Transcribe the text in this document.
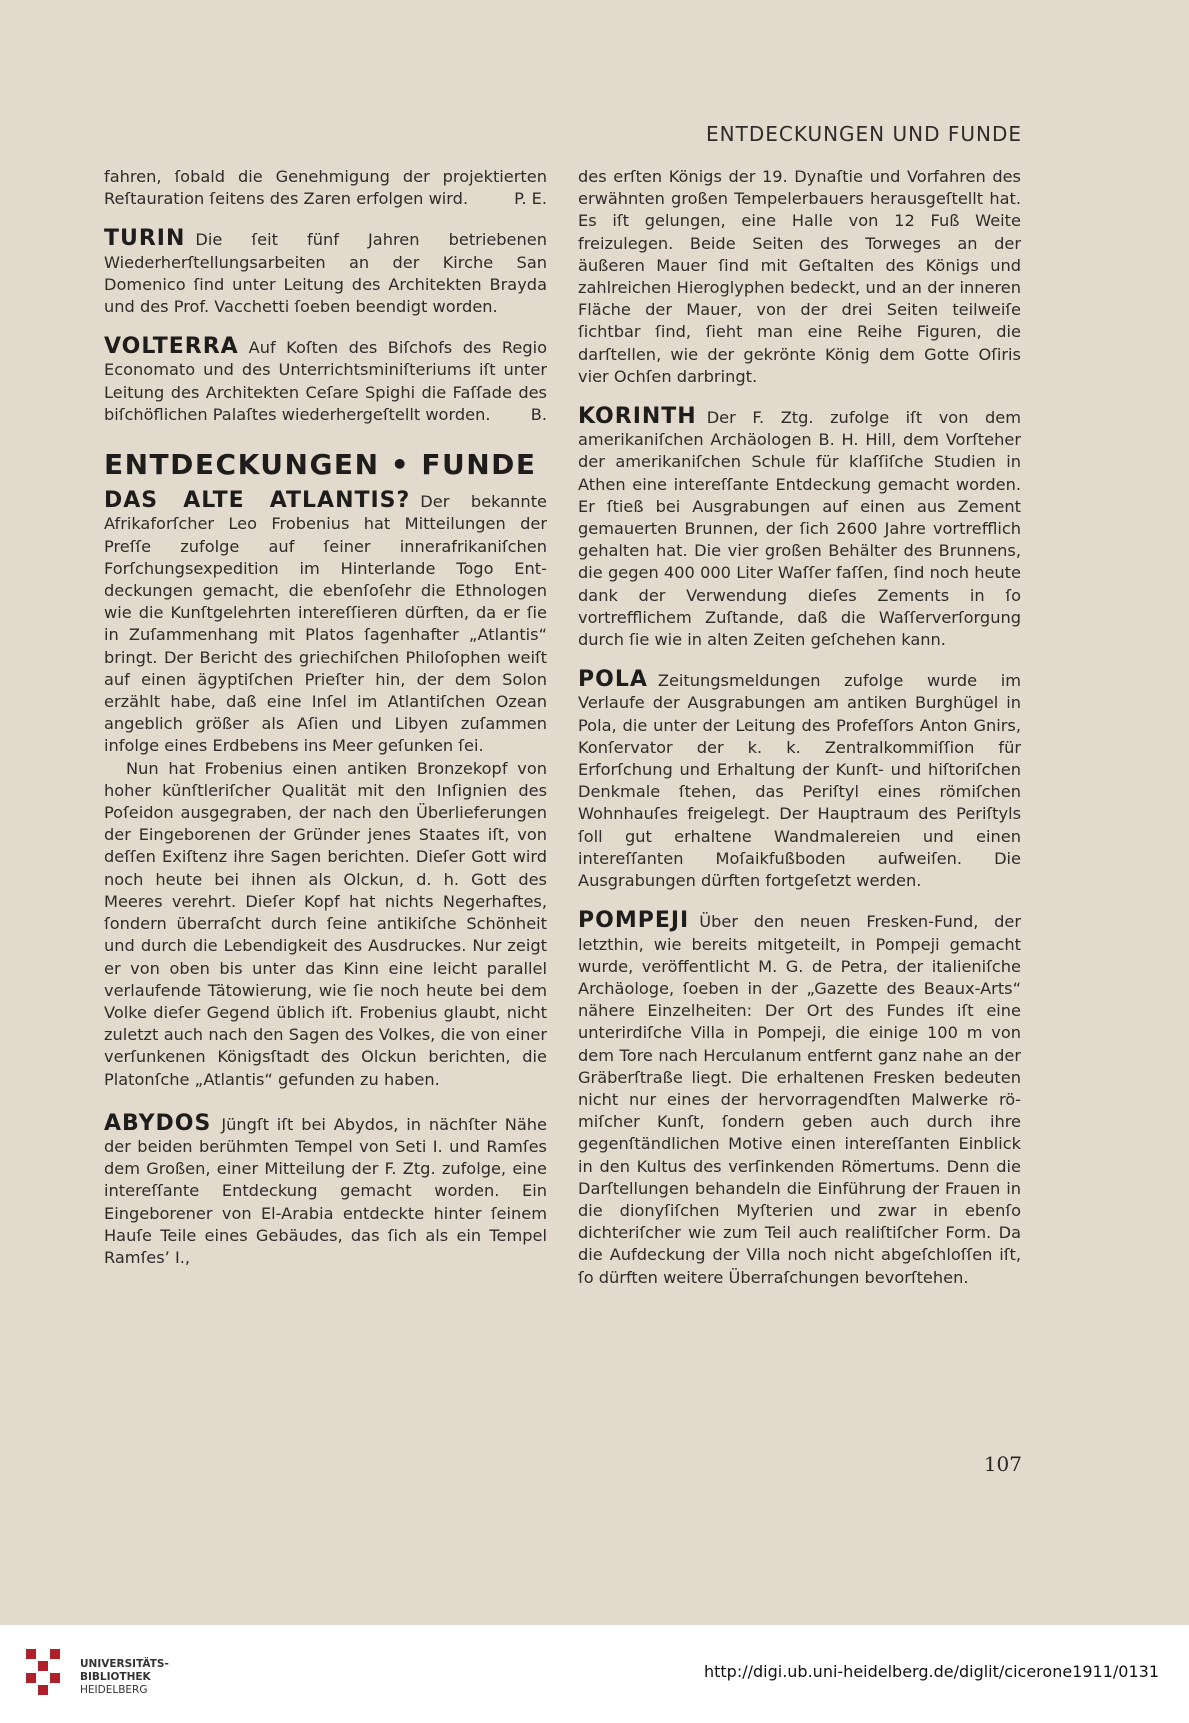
ENTDECKUNGEN UND FUNDE

fahren, ſobald die Genehmigung der projektierten Reſtauration ſeitens des Zaren erfolgen wird.	P. E.

TURIN Die ſeit fünf Jahren betriebenen Wiederherſtellungsarbeiten an der Kirche San Domenico ſind unter Leitung des Architekten Brayda und des Prof. Vacchetti ſoeben beendigt worden.

VOLTERRA Auf Koſten des Biſchofs des Regio Economato und des Unterrichtsminiſteriums iſt unter Leitung des Architekten Ceſare Spighi die Faſſade des biſchöflichen Palaſtes wiederhergeſtellt worden. B.

ENTDECKUNGEN • FUNDE

DAS ALTE ATLANTIS? Der bekannte Afrikaforſcher Leo Frobenius hat Mitteilungen der Preſſe zufolge auf ſeiner innerafrikaniſchen Forſchungsexpedition im Hinterlande Togo Entdeckungen gemacht, die ebenſoſehr die Ethnologen wie die Kunſtgelehrten intereſſieren dürften, da er ſie in Zuſammenhang mit Platos ſagenhafter „Atlantis“ bringt. Der Bericht des griechiſchen Philoſophen weiſt auf einen ägyptiſchen Prieſter hin, der dem Solon erzählt habe, daß eine Inſel im Atlantiſchen Ozean angeblich größer als Aſien und Libyen zuſammen infolge eines Erdbebens ins Meer geſunken ſei.

Nun hat Frobenius einen antiken Bronzekopf von hoher künſtleriſcher Qualität mit den Inſignien des Poſeidon ausgegraben, der nach den Überlieferungen der Eingeborenen der Gründer jenes Staates iſt, von deſſen Exiſtenz ihre Sagen berichten. Dieſer Gott wird noch heute bei ihnen als Olckun, d. h. Gott des Meeres verehrt. Dieſer Kopf hat nichts Negerhaftes, ſondern überraſcht durch ſeine antikiſche Schönheit und durch die Lebendigkeit des Ausdruckes. Nur zeigt er von oben bis unter das Kinn eine leicht parallel verlaufende Tätowierung, wie ſie noch heute bei dem Volke dieſer Gegend üblich iſt. Frobenius glaubt, nicht zuletzt auch nach den Sagen des Volkes, die von einer verſunkenen Königsſtadt des Olckun berichten, die Platonſche „Atlantis“ gefunden zu haben.

ABYDOS Jüngſt iſt bei Abydos, in nächſter Nähe der beiden berühmten Tempel von Seti I. und Ramſes dem Großen, einer Mitteilung der F. Ztg. zufolge, eine intereſſante Entdeckung gemacht worden. Ein Eingeborener von El-Arabia entdeckte hinter ſeinem Hauſe Teile eines Gebäudes, das ſich als ein Tempel Ramſes’ I.,

des erſten Königs der 19. Dynaſtie und Vorfahren des erwähnten großen Tempelerbauers herausgeſtellt hat. Es iſt gelungen, eine Halle von 12 Fuß Weite freizulegen. Beide Seiten des Torweges an der äußeren Mauer ſind mit Geſtalten des Königs und zahlreichen Hieroglyphen bedeckt, und an der inneren Fläche der Mauer, von der drei Seiten teilweiſe ſichtbar ſind, ſieht man eine Reihe Figuren, die darſtellen, wie der gekrönte König dem Gotte Oſiris vier Ochſen darbringt.

KORINTH Der F. Ztg. zufolge iſt von dem amerikaniſchen Archäologen B. H. Hill, dem Vorſteher der amerikaniſchen Schule für klaſſiſche Studien in Athen eine intereſſante Entdeckung gemacht worden. Er ſtieß bei Ausgrabungen auf einen aus Zement gemauerten Brunnen, der ſich 2600 Jahre vortrefflich gehalten hat. Die vier großen Behälter des Brunnens, die gegen 400 000 Liter Waſſer faſſen, ſind noch heute dank der Verwendung dieſes Zements in ſo vortrefflichem Zuſtande, daß die Waſſerverſorgung durch ſie wie in alten Zeiten geſchehen kann.

POLA Zeitungsmeldungen zufolge wurde im Verlaufe der Ausgrabungen am antiken Burghügel in Pola, die unter der Leitung des Profeſſors Anton Gnirs, Konſervator der k. k. Zentralkommiſſion für Erforſchung und Erhaltung der Kunſt- und hiſtoriſchen Denkmale ſtehen, das Periſtyl eines römiſchen Wohnhauſes freigelegt. Der Hauptraum des Periſtyls ſoll gut erhaltene Wandmalereien und einen intereſſanten Moſaikfußboden aufweiſen. Die Ausgrabungen dürften fortgeſetzt werden.

POMPEJI Über den neuen Fresken-Fund, der letzthin, wie bereits mitgeteilt, in Pompeji gemacht wurde, veröffentlicht M. G. de Petra, der italieniſche Archäologe, ſoeben in der „Gazette des Beaux-Arts“ nähere Einzelheiten: Der Ort des Fundes iſt eine unterirdiſche Villa in Pompeji, die einige 100 m von dem Tore nach Herculanum entfernt ganz nahe an der Gräberſtraße liegt. Die erhaltenen Fresken bedeuten nicht nur eines der hervorragendſten Malwerke römiſcher Kunſt, ſondern geben auch durch ihre gegenſtändlichen Motive einen intereſſanten Einblick in den Kultus des verſinkenden Römertums. Denn die Darſtellungen behandeln die Einführung der Frauen in die dionyſiſchen Myſterien und zwar in ebenſo dichteriſcher wie zum Teil auch realiſtiſcher Form. Da die Aufdeckung der Villa noch nicht abgeſchloſſen iſt, ſo dürften weitere Überraſchungen bevorſtehen.

107
UNIVERSITÄTS-
BIBLIOTHEK
HEIDELBERG
http://digi.ub.uni-heidelberg.de/diglit/cicerone1911/0131
